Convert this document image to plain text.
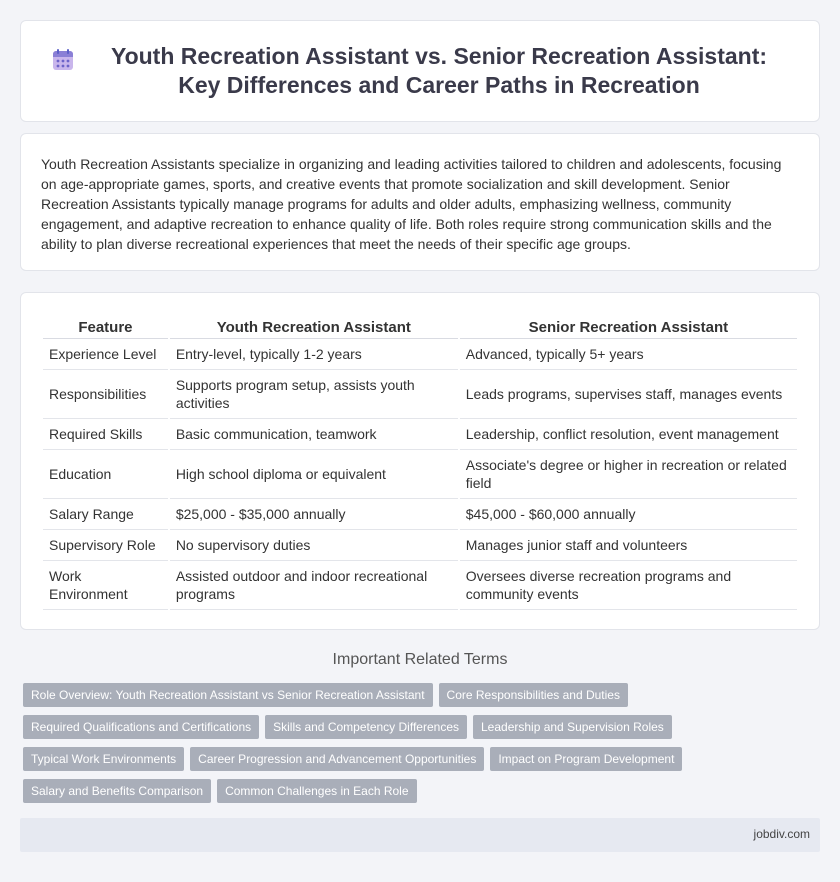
Youth Recreation Assistant vs. Senior Recreation Assistant: Key Differences and Career Paths in Recreation

Youth Recreation Assistants specialize in organizing and leading activities tailored to children and adolescents, focusing on age-appropriate games, sports, and creative events that promote socialization and skill development. Senior Recreation Assistants typically manage programs for adults and older adults, emphasizing wellness, community engagement, and adaptive recreation to enhance quality of life. Both roles require strong communication skills and the ability to plan diverse recreational experiences that meet the needs of their specific age groups.

Feature	Youth Recreation Assistant	Senior Recreation Assistant
Experience Level	Entry-level, typically 1-2 years	Advanced, typically 5+ years
Responsibilities	Supports program setup, assists youth activities	Leads programs, supervises staff, manages events
Required Skills	Basic communication, teamwork	Leadership, conflict resolution, event management
Education	High school diploma or equivalent	Associate's degree or higher in recreation or related field
Salary Range	$25,000 - $35,000 annually	$45,000 - $60,000 annually
Supervisory Role	No supervisory duties	Manages junior staff and volunteers
Work Environment	Assisted outdoor and indoor recreational programs	Oversees diverse recreation programs and community events
Important Related Terms
Role Overview: Youth Recreation Assistant vs Senior Recreation Assistant	Core Responsibilities and Duties
Required Qualifications and Certifications	Skills and Competency Differences	Leadership and Supervision Roles
Typical Work Environments	Career Progression and Advancement Opportunities	Impact on Program Development
Salary and Benefits Comparison	Common Challenges in Each Role
jobdiv.com
